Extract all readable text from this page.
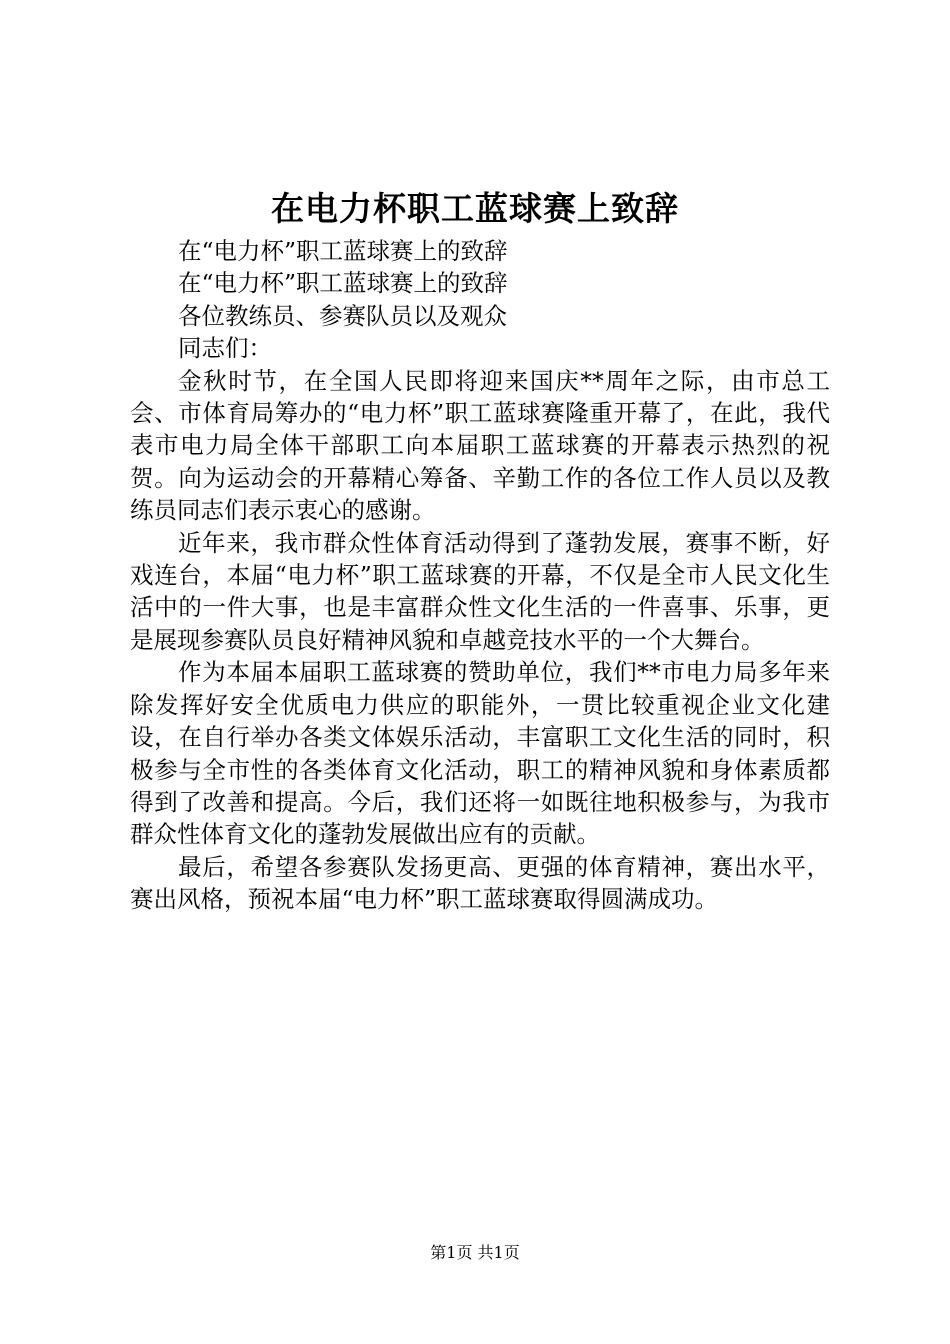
在电力杯职工蓝球赛上致辞

在“电力杯”职工蓝球赛上的致辞

在“电力杯”职工蓝球赛上的致辞

各位教练员、参赛队员以及观众

同志们：

金秋时节，在全国人民即将迎来国庆**周年之际，由市总工会、市体育局筹办的“电力杯”职工蓝球赛隆重开幕了，在此，我代表市电力局全体干部职工向本届职工蓝球赛的开幕表示热烈的祝贺。向为运动会的开幕精心筹备、辛勤工作的各位工作人员以及教练员同志们表示衷心的感谢。

近年来，我市群众性体育活动得到了蓬勃发展，赛事不断，好戏连台，本届“电力杯”职工蓝球赛的开幕，不仅是全市人民文化生活中的一件大事，也是丰富群众性文化生活的一件喜事、乐事，更是展现参赛队员良好精神风貌和卓越竞技水平的一个大舞台。

作为本届本届职工蓝球赛的赞助单位，我们**市电力局多年来除发挥好安全优质电力供应的职能外，一贯比较重视企业文化建设，在自行举办各类文体娱乐活动，丰富职工文化生活的同时，积极参与全市性的各类体育文化活动，职工的精神风貌和身体素质都得到了改善和提高。今后，我们还将一如既往地积极参与，为我市群众性体育文化的蓬勃发展做出应有的贡献。

最后，希望各参赛队发扬更高、更强的体育精神，赛出水平，赛出风格，预祝本届“电力杯”职工蓝球赛取得圆满成功。

第1页 共1页
